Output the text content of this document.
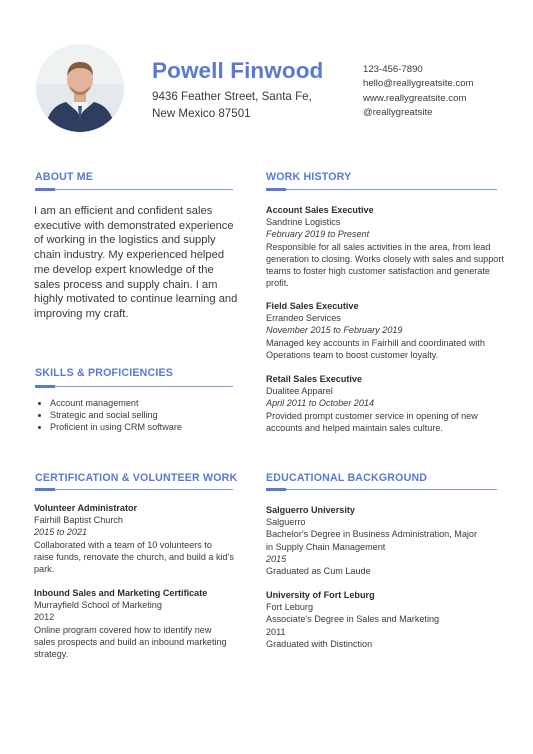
Powell Finwood
9436 Feather Street, Santa Fe,
New Mexico 87501
123-456-7890
hello@reallygreatsite.com
www.reallygreatsite.com
@reallygreatsite
ABOUT ME
I am an efficient and confident sales executive with demonstrated experience of working in the logistics and supply chain industry. My experienced helped me develop expert knowledge of the sales process and supply chain. I am highly motivated to continue learning and improving my craft.
SKILLS & PROFICIENCIES
• Account management
• Strategic and social selling
• Proficient in using CRM software
CERTIFICATION & VOLUNTEER WORK
Volunteer Administrator
Fairhill Baptist Church
2015 to 2021
Collaborated with a team of 10 volunteers to raise funds, renovate the church, and build a kid's park.
Inbound Sales and Marketing Certificate
Murrayfield School of Marketing
2012
Online program covered how to identify new sales prospects and build an inbound marketing strategy.
WORK HISTORY
Account Sales Executive
Sandrine Logistics
February 2019 to Present
Responsible for all sales activities in the area, from lead generation to closing. Works closely with sales and support teams to foster high customer satisfaction and generate profit.
Field Sales Executive
Errandeo Services
November 2015 to February 2019
Managed key accounts in Fairhill and coordinated with Operations team to boost customer loyalty.
Retail Sales Executive
Dualitee Apparel
April 2011 to October 2014
Provided prompt customer service in opening of new accounts and helped maintain sales culture.
EDUCATIONAL BACKGROUND
Salguerro University
Salguerro
Bachelor's Degree in Business Administration, Major in Supply Chain Management
2015
Graduated as Cum Laude
University of Fort Leburg
Fort Leburg
Associate's Degree in Sales and Marketing
2011
Graduated with Distinction
